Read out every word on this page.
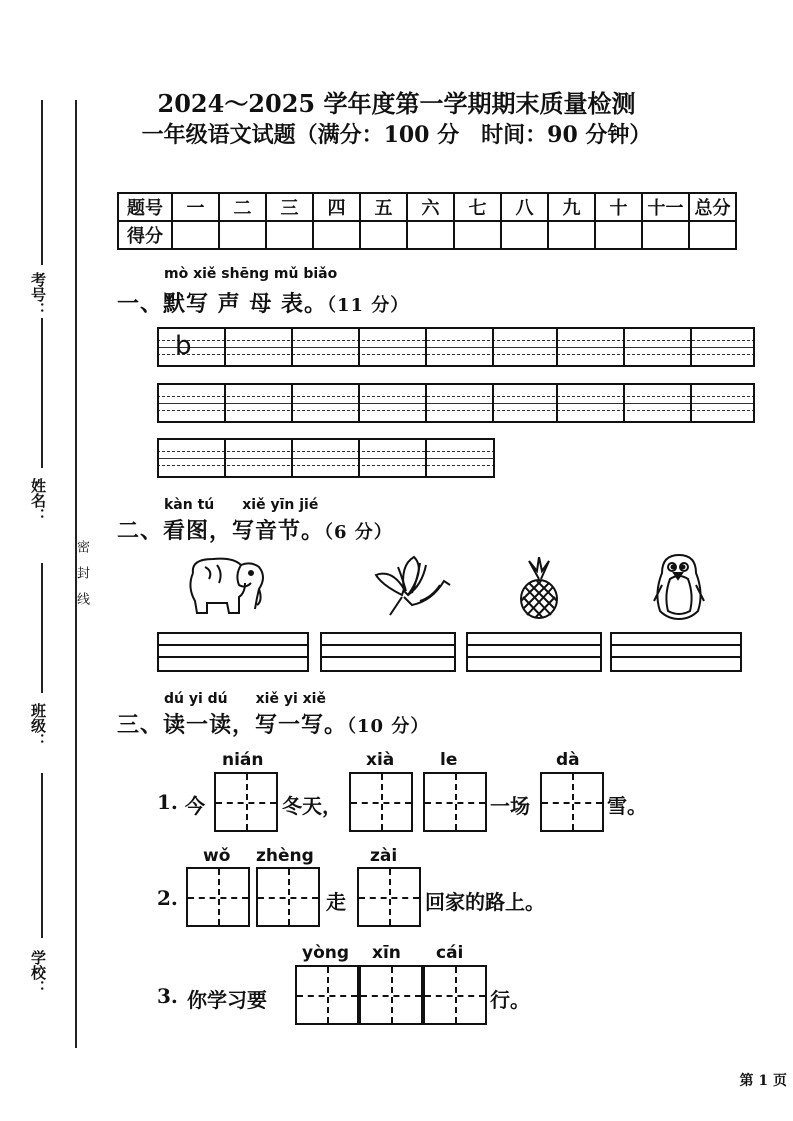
考号：
姓名：
班级：
学校：
密　封　线
2024～2025 学年度第一学期期末质量检测
一年级语文试题（满分：100 分　时间：90 分钟）
题号	一	二	三	四	五	六	七	八	九	十	十一	总分
得分												
mò xiě shēng mǔ biǎo
一、默写 声 母 表。（11 分）
b
kàn tú　　xiě yīn jié
二、看图，写音节。（6 分）
dú yi dú　　xiě yi xiě
三、读一读，写一写。（10 分）
nián	xià	le	dà
1. 今	冬天，	一场	雪。
wǒ zhèng	zài
2.	走	回家的路上。
yòng xīn cái
3. 你学习要	行。
第 1 页
